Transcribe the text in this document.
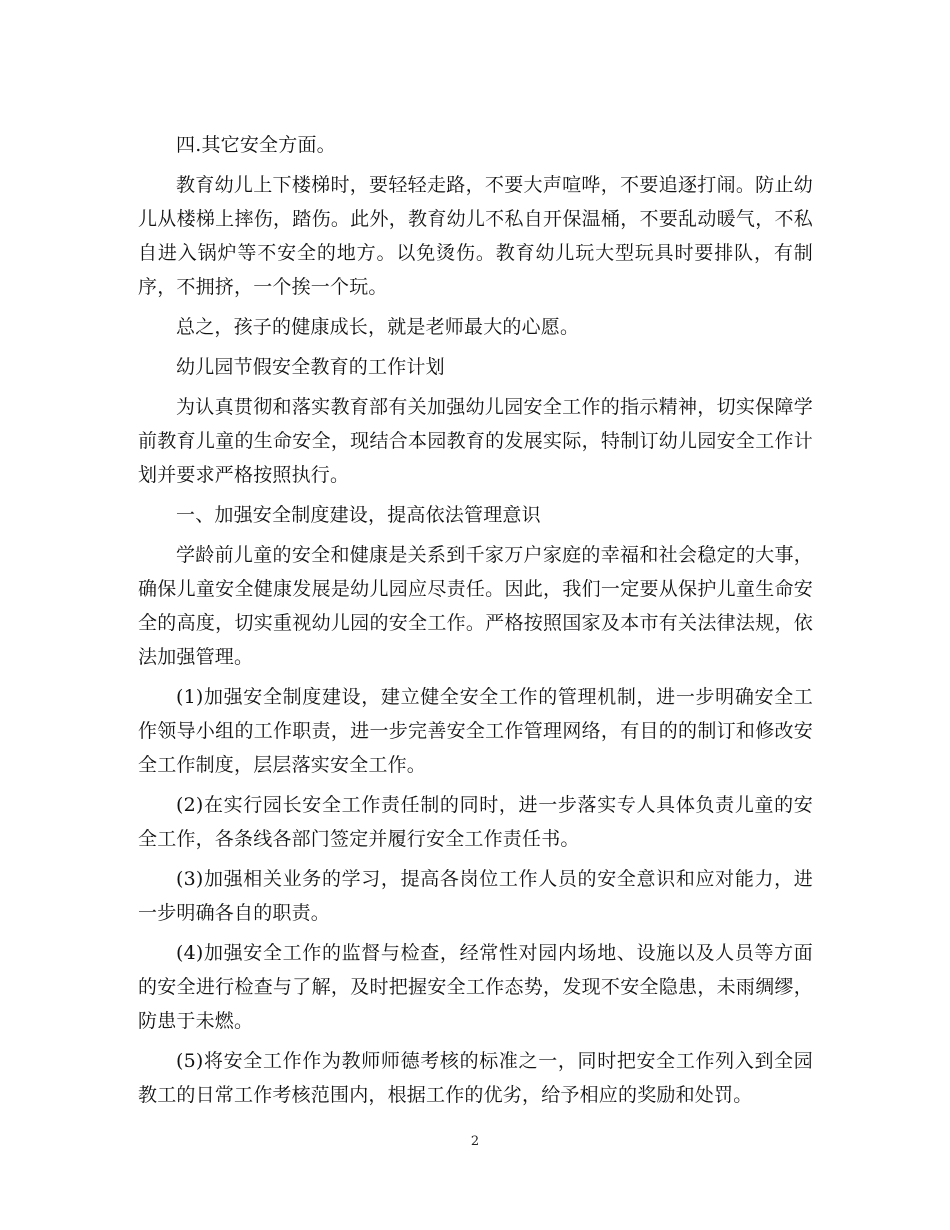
四.其它安全方面。

教育幼儿上下楼梯时，要轻轻走路，不要大声喧哗，不要追逐打闹。防止幼儿从楼梯上摔伤，踏伤。此外，教育幼儿不私自开保温桶，不要乱动暖气，不私自进入锅炉等不安全的地方。以免烫伤。教育幼儿玩大型玩具时要排队，有制序，不拥挤，一个挨一个玩。

总之，孩子的健康成长，就是老师最大的心愿。

幼儿园节假安全教育的工作计划

为认真贯彻和落实教育部有关加强幼儿园安全工作的指示精神，切实保障学前教育儿童的生命安全，现结合本园教育的发展实际，特制订幼儿园安全工作计划并要求严格按照执行。

一、加强安全制度建设，提高依法管理意识

学龄前儿童的安全和健康是关系到千家万户家庭的幸福和社会稳定的大事，确保儿童安全健康发展是幼儿园应尽责任。因此，我们一定要从保护儿童生命安全的高度，切实重视幼儿园的安全工作。严格按照国家及本市有关法律法规，依法加强管理。

(1)加强安全制度建设，建立健全安全工作的管理机制，进一步明确安全工作领导小组的工作职责，进一步完善安全工作管理网络，有目的的制订和修改安全工作制度，层层落实安全工作。

(2)在实行园长安全工作责任制的同时，进一步落实专人具体负责儿童的安全工作，各条线各部门签定并履行安全工作责任书。

(3)加强相关业务的学习，提高各岗位工作人员的安全意识和应对能力，进一步明确各自的职责。

(4)加强安全工作的监督与检查，经常性对园内场地、设施以及人员等方面的安全进行检查与了解，及时把握安全工作态势，发现不安全隐患，未雨绸缪，防患于未燃。

(5)将安全工作作为教师师德考核的标准之一，同时把安全工作列入到全园教工的日常工作考核范围内，根据工作的优劣，给予相应的奖励和处罚。

2
